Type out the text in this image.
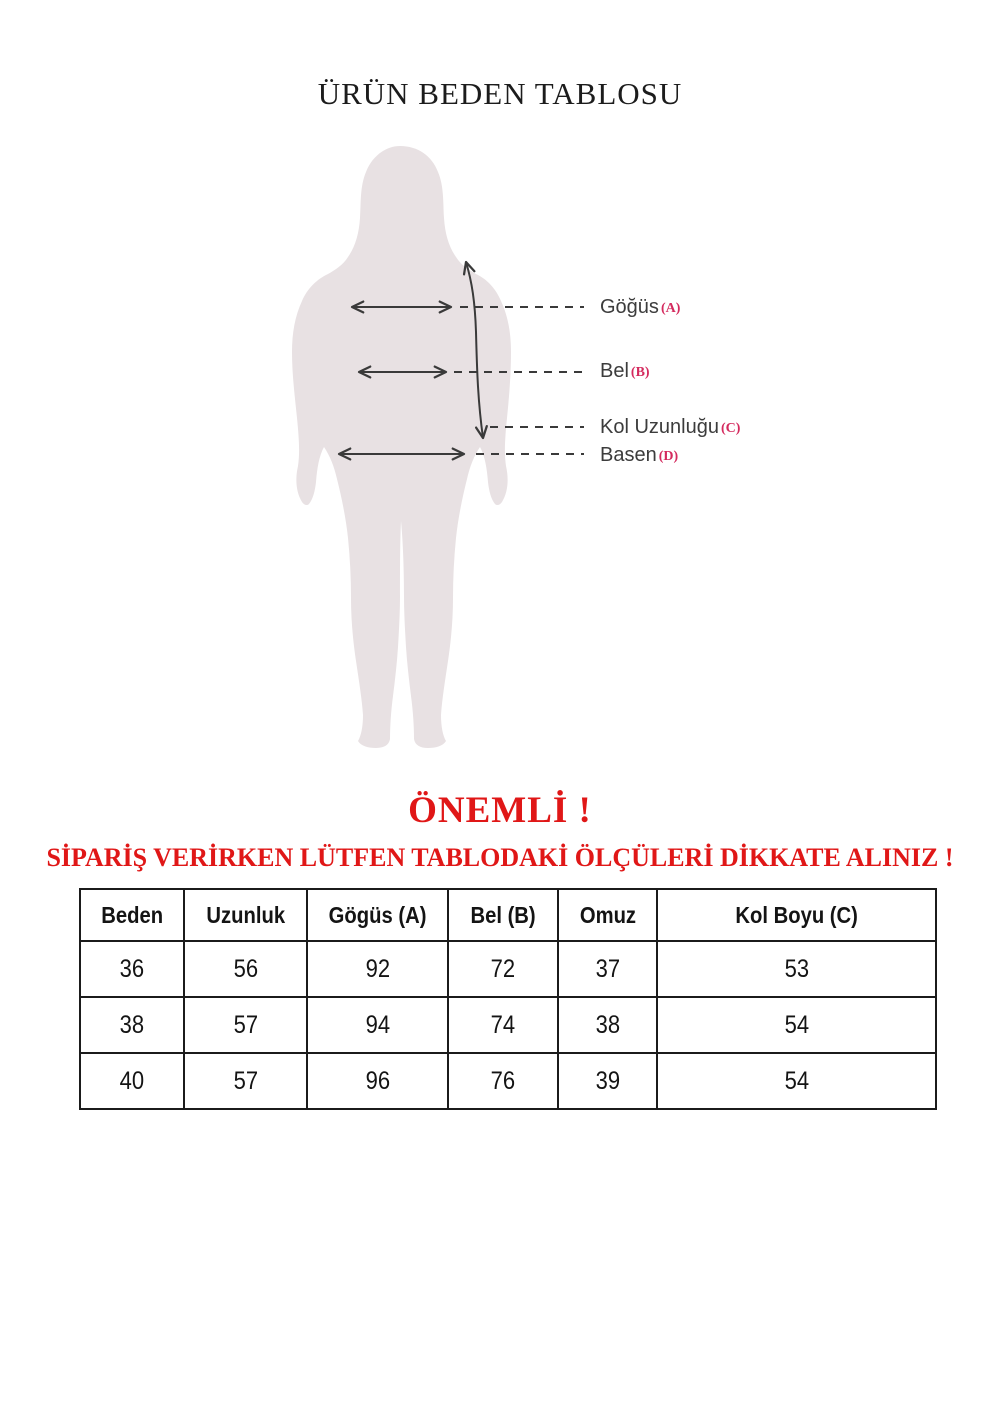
ÜRÜN BEDEN TABLOSU
Göğüs (A)
Bel (B)
Kol Uzunluğu (C)
Basen (D)
ÖNEMLİ !
SİPARİŞ VERİRKEN LÜTFEN TABLODAKİ ÖLÇÜLERİ DİKKATE ALINIZ !
Beden	Uzunluk	Gögüs (A)	Bel (B)	Omuz	Kol Boyu (C)
36	56	92	72	37	53
38	57	94	74	38	54
40	57	96	76	39	54
